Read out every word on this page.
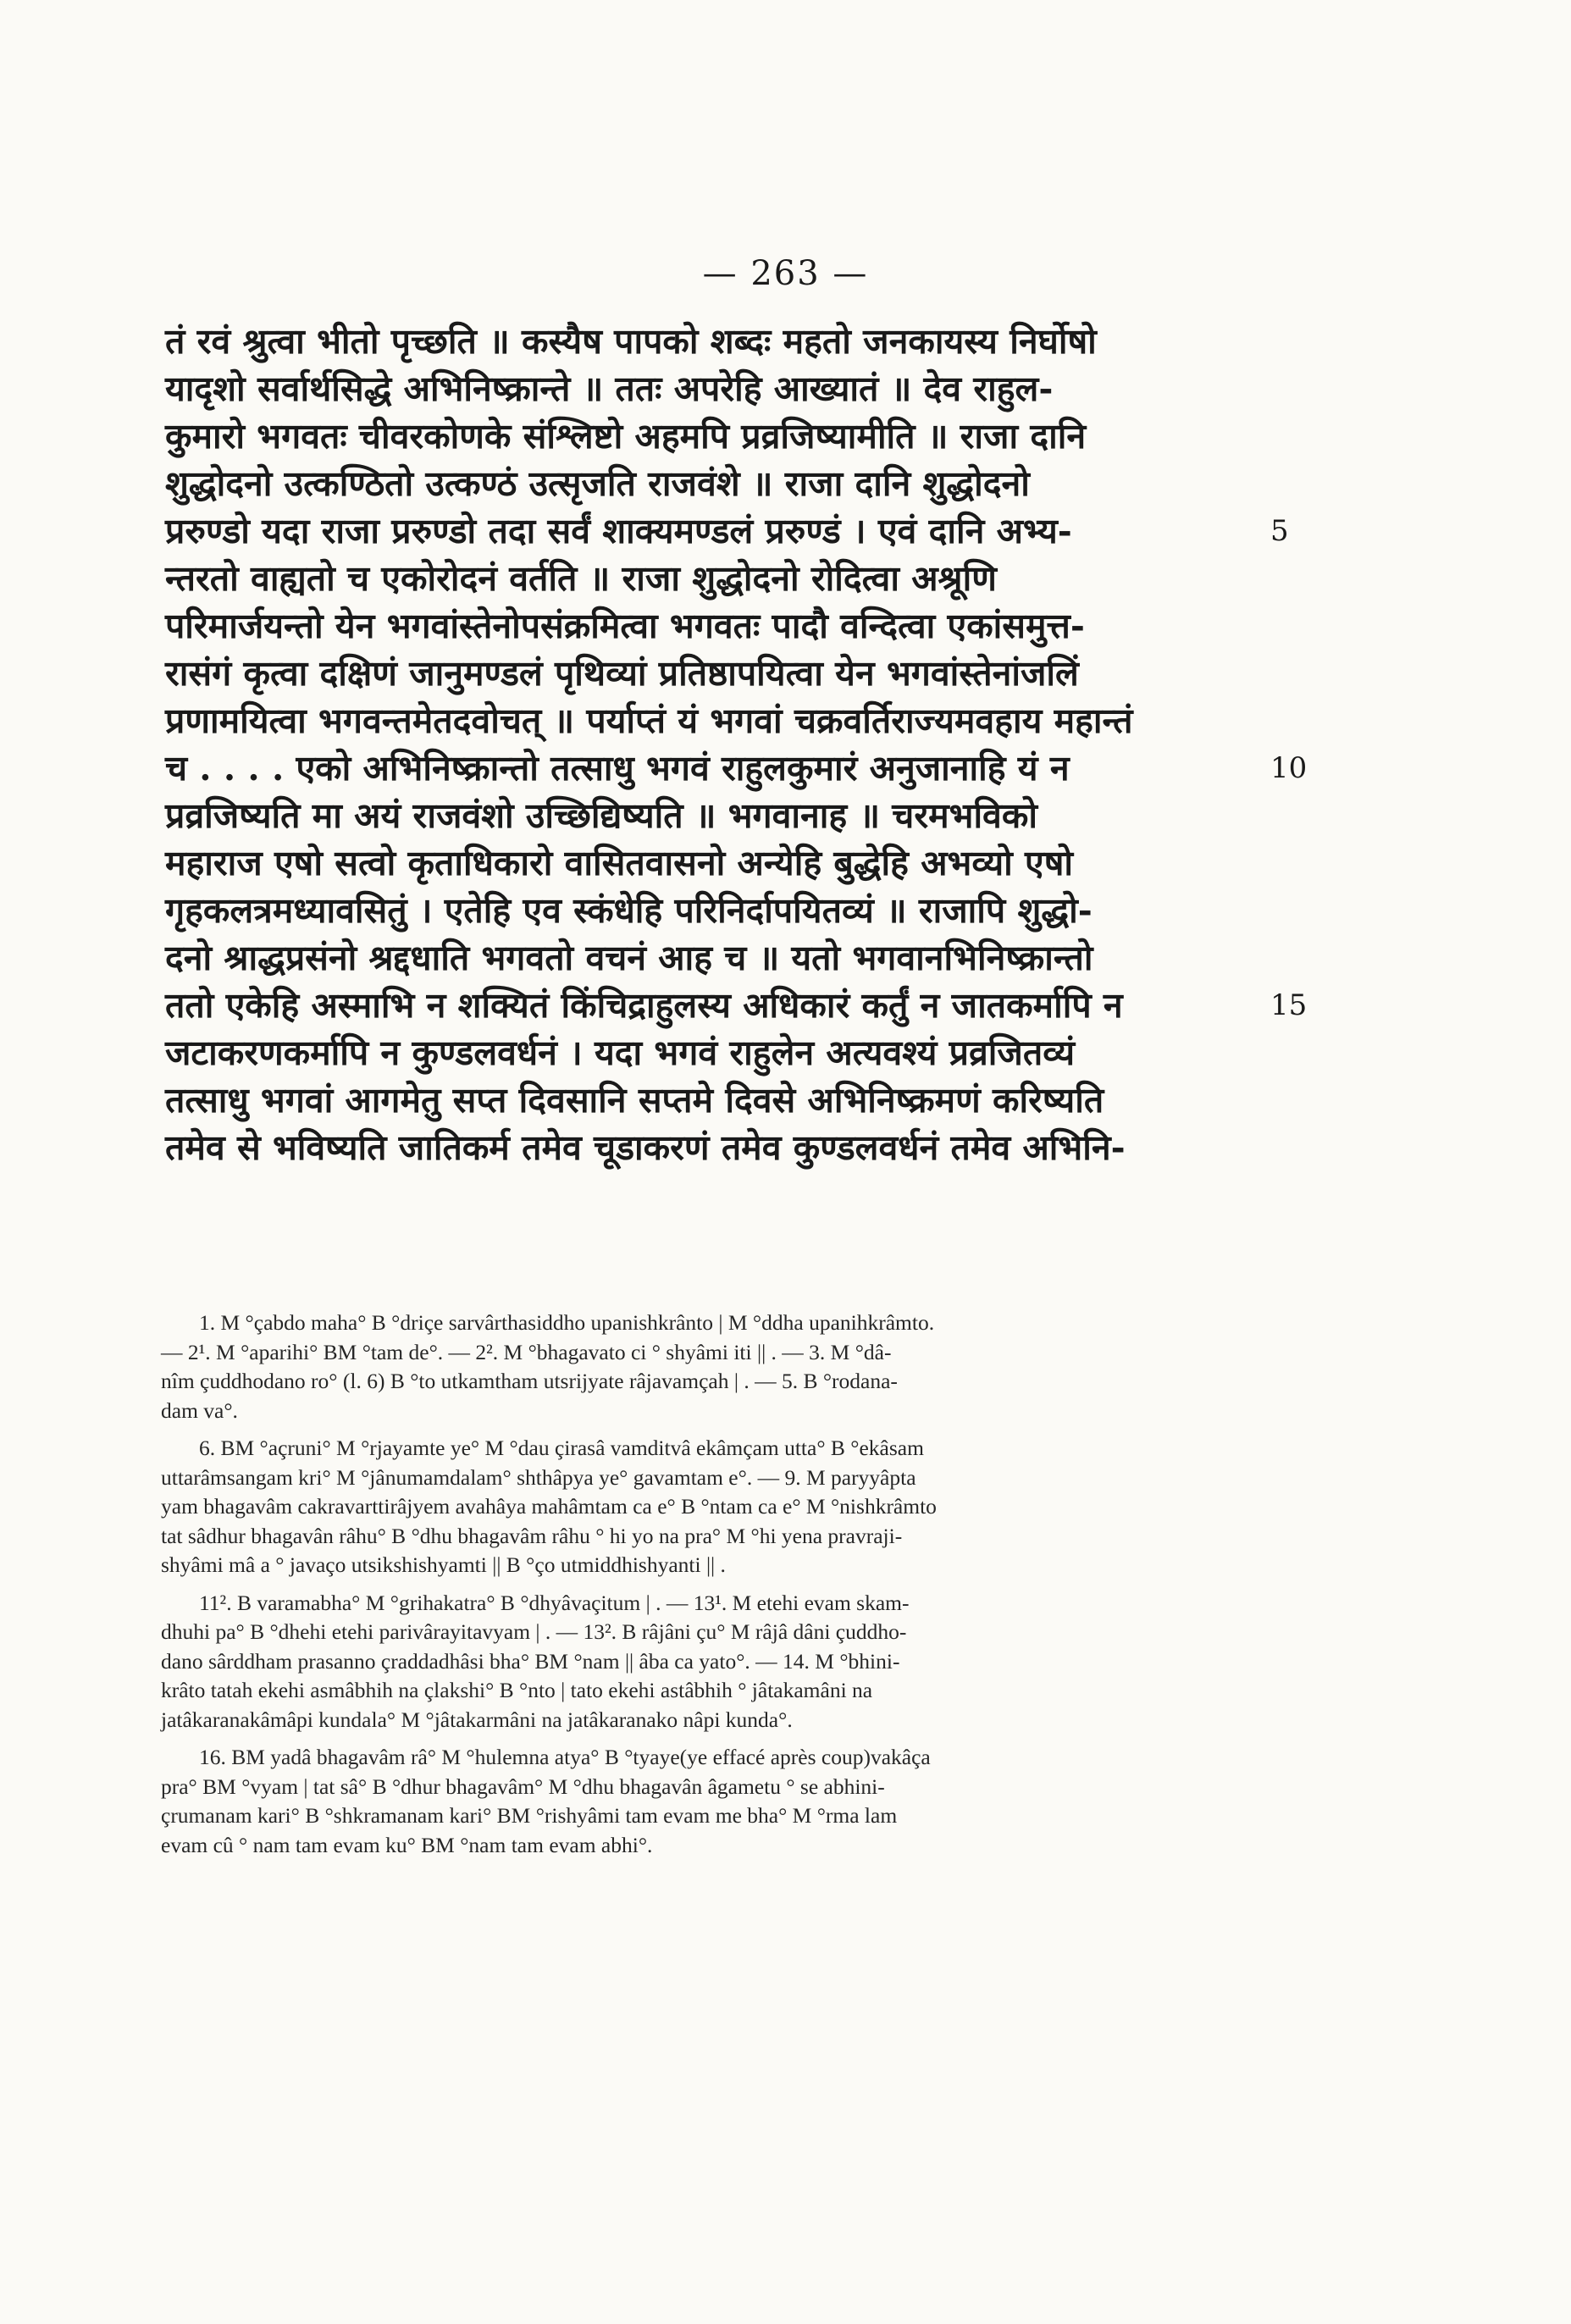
— 263 —
तं रवं श्रुत्वा भीतो पृच्छति ॥ कस्यैष पापको शब्दः महतो जनकायस्य निर्घोषो
यादृशो सर्वार्थसिद्धे अभिनिष्क्रान्ते ॥ ततः अपरेहि आख्यातं ॥ देव राहुल-
कुमारो भगवतः चीवरकोणके संश्लिष्टो अहमपि प्रव्रजिष्यामीति ॥ राजा दानि
शुद्धोदनो उत्कण्ठितो उत्कण्ठं उत्सृजति राजवंशे ॥ राजा दानि शुद्धोदनो
प्ररुण्डो यदा राजा प्ररुण्डो तदा सर्वं शाक्यमण्डलं प्ररुण्डं । एवं दानि अभ्य-	5
न्तरतो वाह्यतो च एकोरोदनं वर्तति ॥ राजा शुद्धोदनो रोदित्वा अश्रूणि
परिमार्जयन्तो येन भगवांस्तेनोपसंक्रमित्वा भगवतः पादौ वन्दित्वा एकांसमुत्त-
रासंगं कृत्वा दक्षिणं जानुमण्डलं पृथिव्यां प्रतिष्ठापयित्वा येन भगवांस्तेनांजलिं
प्रणामयित्वा भगवन्तमेतदवोचत् ॥ पर्याप्तं यं भगवां चक्रवर्तिराज्यमवहाय महान्तं
च . . . . एको अभिनिष्क्रान्तो तत्साधु भगवं राहुलकुमारं अनुजानाहि यं न	10
प्रव्रजिष्यति मा अयं राजवंशो उच्छिद्यिष्यति ॥ भगवानाह ॥ चरमभविको
महाराज एषो सत्वो कृताधिकारो वासितवासनो अन्येहि बुद्धेहि अभव्यो एषो
गृहकलत्रमध्यावसितुं । एतेहि एव स्कंधेहि परिनिर्दापयितव्यं ॥ राजापि शुद्धो-
दनो श्राद्धप्रसंनो श्रद्दधाति भगवतो वचनं आह च ॥ यतो भगवानभिनिष्क्रान्तो
ततो एकेहि अस्माभि न शक्यितं किंचिद्राहुलस्य अधिकारं कर्तुं न जातकर्मापि न	15
जटाकरणकर्मापि न कुण्डलवर्धनं । यदा भगवं राहुलेन अत्यवश्यं प्रव्रजितव्यं
तत्साधु भगवां आगमेतु सप्त दिवसानि सप्तमे दिवसे अभिनिष्क्रमणं करिष्यति
तमेव से भविष्यति जातिकर्म तमेव चूडाकरणं तमेव कुण्डलवर्धनं तमेव अभिनि-
1. M °çabdo maha° B °driçe sarvârthasiddho upanishkrânto | M °ddha upanihkrâmto.
— 2¹. M °aparihi° BM °tam de°. — 2². M °bhagavato ci ° shyâmi iti || . — 3. M °dâ-
nîm çuddhodano ro° (l. 6) B °to utkamtham utsrijyate râjavamçah | . — 5. B °rodana-
dam va°.
6. BM °açruni° M °rjayamte ye° M °dau çirasâ vamditvâ ekâmçam utta° B °ekâsam
uttarâmsangam kri° M °jânumamdalam° shthâpya ye° gavamtam e°. — 9. M paryyâpta
yam bhagavâm cakravarttirâjyem avahâya mahâmtam ca e° B °ntam ca e° M °nishkrâmto
tat sâdhur bhagavân râhu° B °dhu bhagavâm râhu ° hi yo na pra° M °hi yena pravraji-
shyâmi mâ a ° javaço utsikshishyamti || B °ço utmiddhishyanti || .
11². B varamabha° M °grihakatra° B °dhyâvaçitum | . — 13¹. M etehi evam skam-
dhuhi pa° B °dhehi etehi parivârayitavyam | . — 13². B râjâni çu° M râjâ dâni çuddho-
dano sârddham prasanno çraddadhâsi bha° BM °nam || âba ca yato°. — 14. M °bhini-
krâto tatah ekehi asmâbhih na çlakshi° B °nto | tato ekehi astâbhih ° jâtakamâni na
jatâkaranakâmâpi kundala° M °jâtakarmâni na jatâkaranako nâpi kunda°.
16. BM yadâ bhagavâm râ° M °hulemna atya° B °tyaye(ye effacé après coup)vakâça
pra° BM °vyam | tat sâ° B °dhur bhagavâm° M °dhu bhagavân âgametu ° se abhini-
çrumanam kari° B °shkramanam kari° BM °rishyâmi tam evam me bha° M °rma lam
evam cû ° nam tam evam ku° BM °nam tam evam abhi°.
